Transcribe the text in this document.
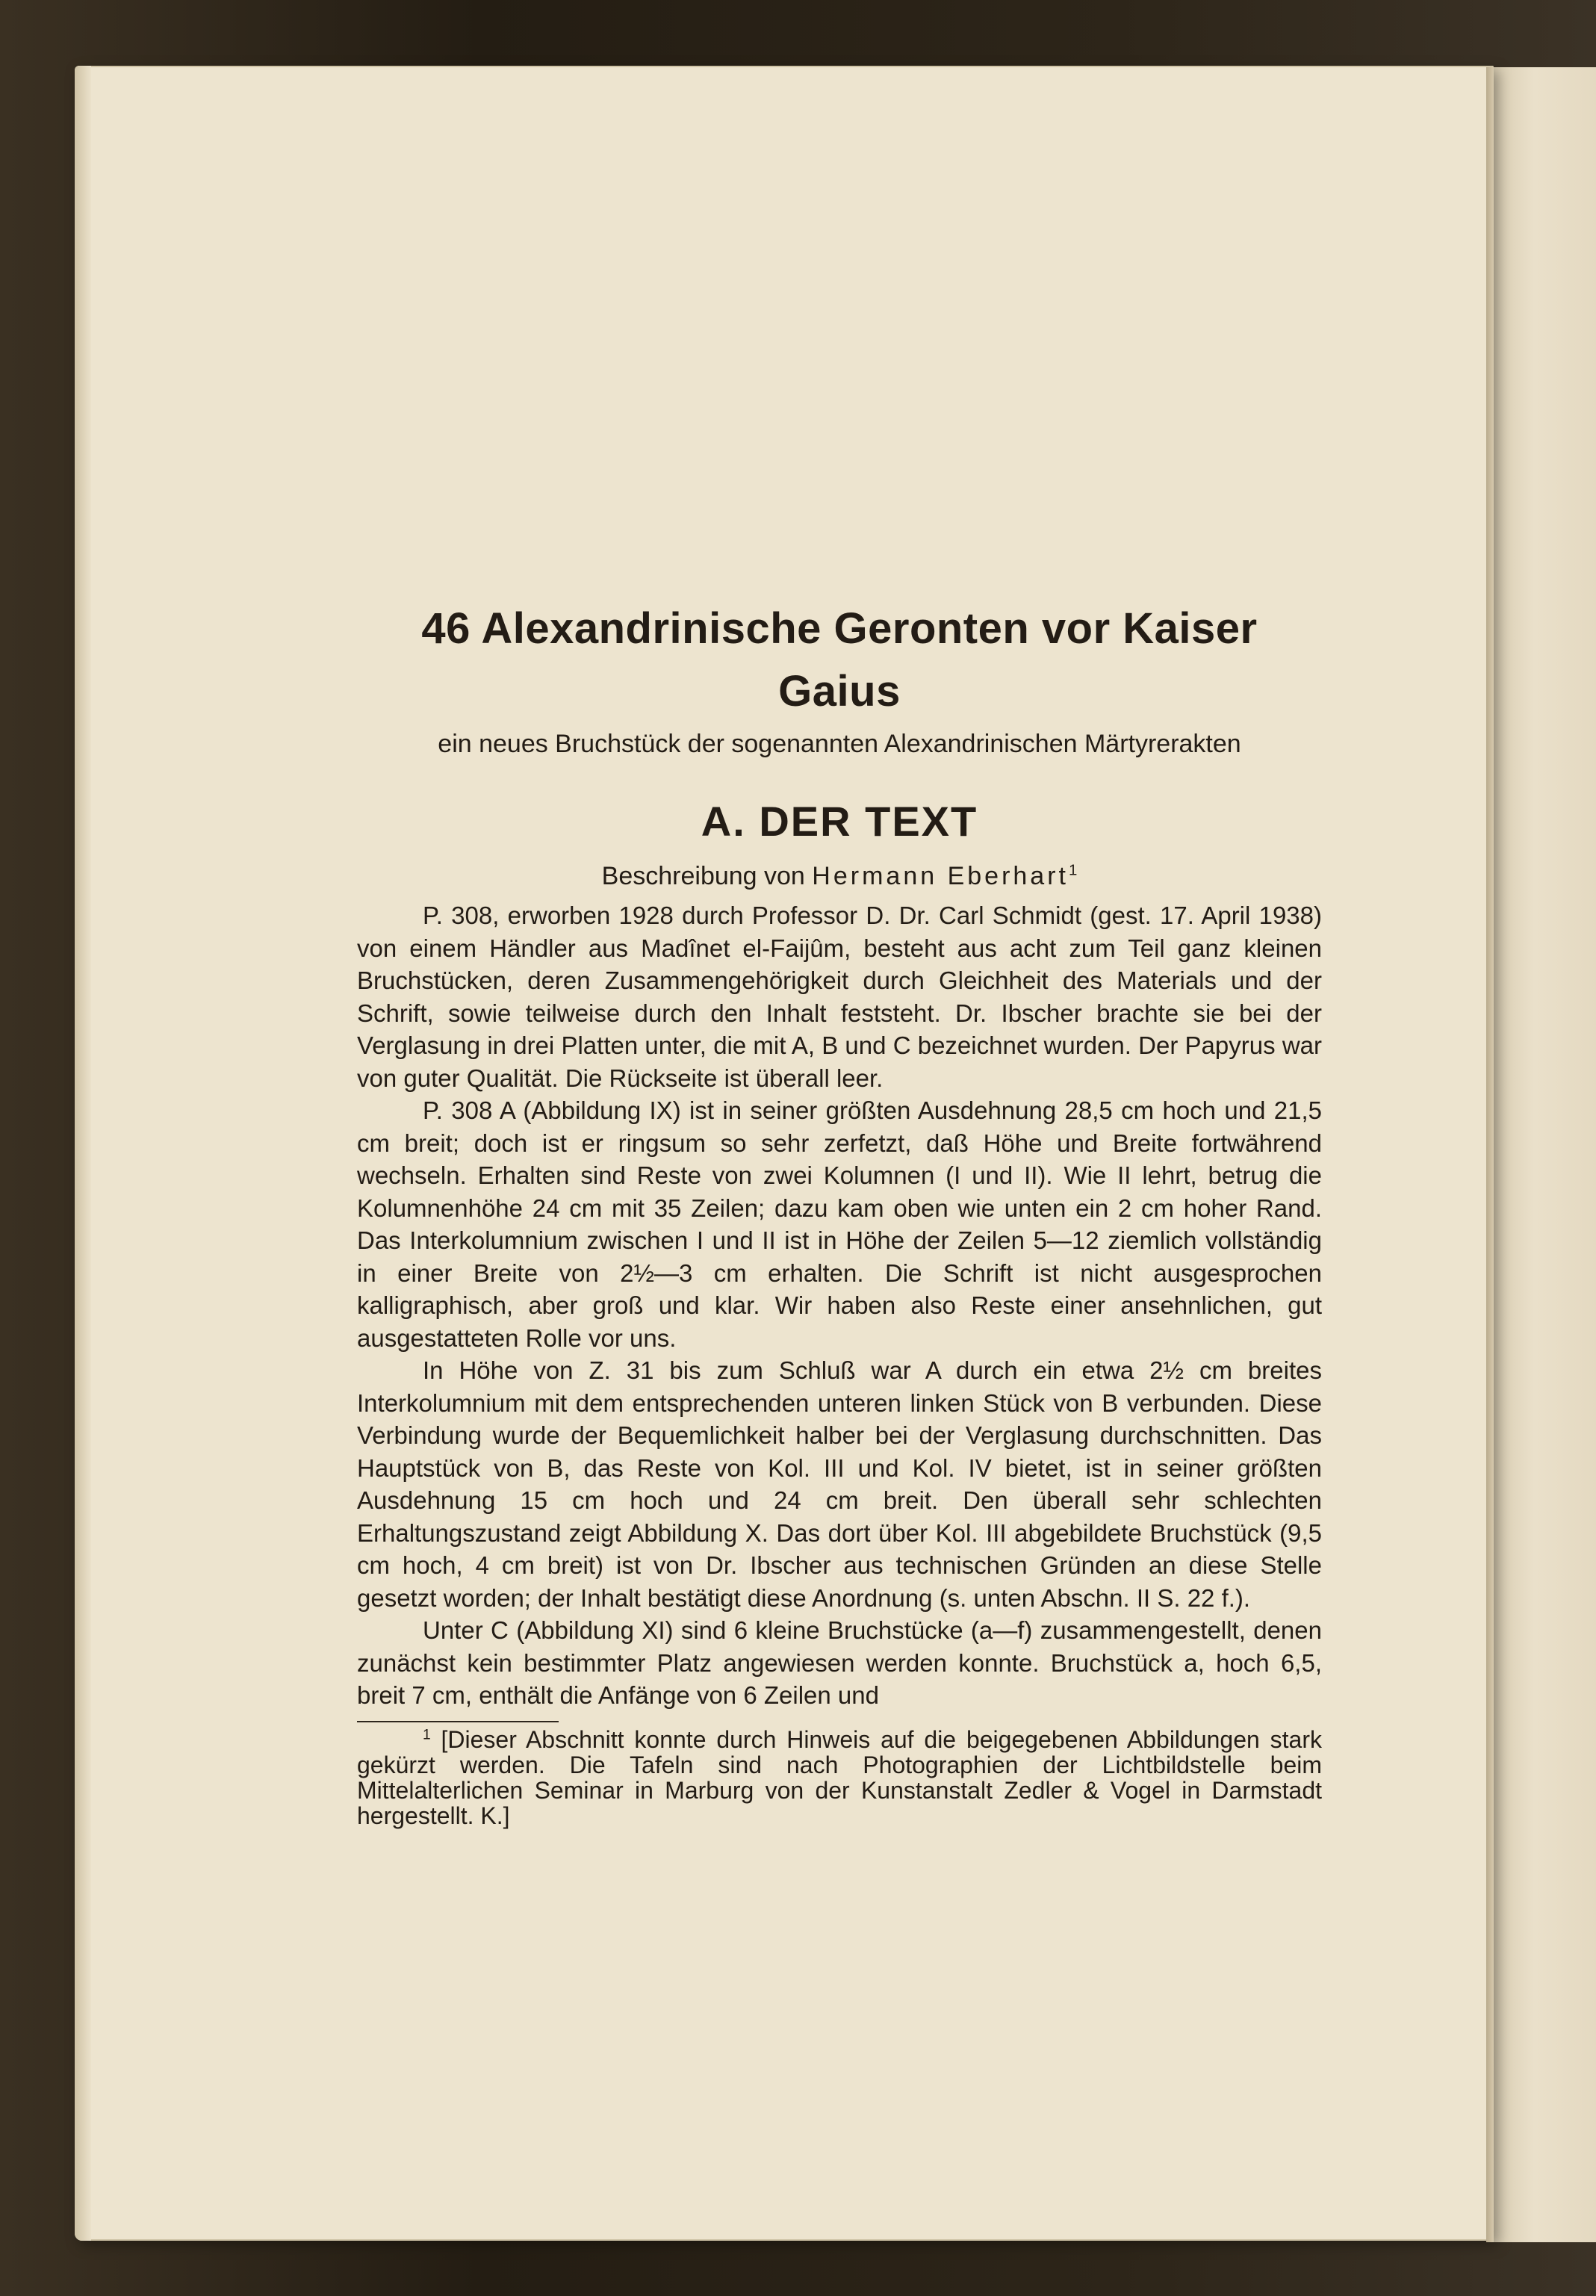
46 Alexandrinische Geronten vor Kaiser Gaius

ein neues Bruchstück der sogenannten Alexandrinischen Märtyrerakten

A. DER TEXT

Beschreibung von Hermann Eberhart$^1$

P. 308, erworben 1928 durch Professor D. Dr. Carl Schmidt (gest. 17. April 1938) von einem Händler aus Madînet el-Faijûm, besteht aus acht zum Teil ganz kleinen Bruchstücken, deren Zusammengehörigkeit durch Gleichheit des Materials und der Schrift, sowie teilweise durch den Inhalt feststeht. Dr. Ibscher brachte sie bei der Verglasung in drei Platten unter, die mit A, B und C bezeichnet wurden. Der Papyrus war von guter Qualität. Die Rückseite ist überall leer.

P. 308 A (Abbildung IX) ist in seiner größten Ausdehnung 28,5 cm hoch und 21,5 cm breit; doch ist er ringsum so sehr zerfetzt, daß Höhe und Breite fortwährend wechseln. Erhalten sind Reste von zwei Kolumnen (I und II). Wie II lehrt, betrug die Kolumnenhöhe 24 cm mit 35 Zeilen; dazu kam oben wie unten ein 2 cm hoher Rand. Das Interkolumnium zwischen I und II ist in Höhe der Zeilen 5—12 ziemlich vollständig in einer Breite von 2½—3 cm erhalten. Die Schrift ist nicht ausgesprochen kalligraphisch, aber groß und klar. Wir haben also Reste einer ansehnlichen, gut ausgestatteten Rolle vor uns.

In Höhe von Z. 31 bis zum Schluß war A durch ein etwa 2½ cm breites Interkolumnium mit dem entsprechenden unteren linken Stück von B verbunden. Diese Verbindung wurde der Bequemlichkeit halber bei der Verglasung durchschnitten. Das Hauptstück von B, das Reste von Kol. III und Kol. IV bietet, ist in seiner größten Ausdehnung 15 cm hoch und 24 cm breit. Den überall sehr schlechten Erhaltungszustand zeigt Abbildung X. Das dort über Kol. III abgebildete Bruchstück (9,5 cm hoch, 4 cm breit) ist von Dr. Ibscher aus technischen Gründen an diese Stelle gesetzt worden; der Inhalt bestätigt diese Anordnung (s. unten Abschn. II S. 22 f.).

Unter C (Abbildung XI) sind 6 kleine Bruchstücke (a—f) zusammengestellt, denen zunächst kein bestimmter Platz angewiesen werden konnte. Bruchstück a, hoch 6,5, breit 7 cm, enthält die Anfänge von 6 Zeilen und

$^1$ [Dieser Abschnitt konnte durch Hinweis auf die beigegebenen Abbildungen stark gekürzt werden. Die Tafeln sind nach Photographien der Lichtbildstelle beim Mittelalterlichen Seminar in Marburg von der Kunstanstalt Zedler & Vogel in Darmstadt hergestellt. K.]
